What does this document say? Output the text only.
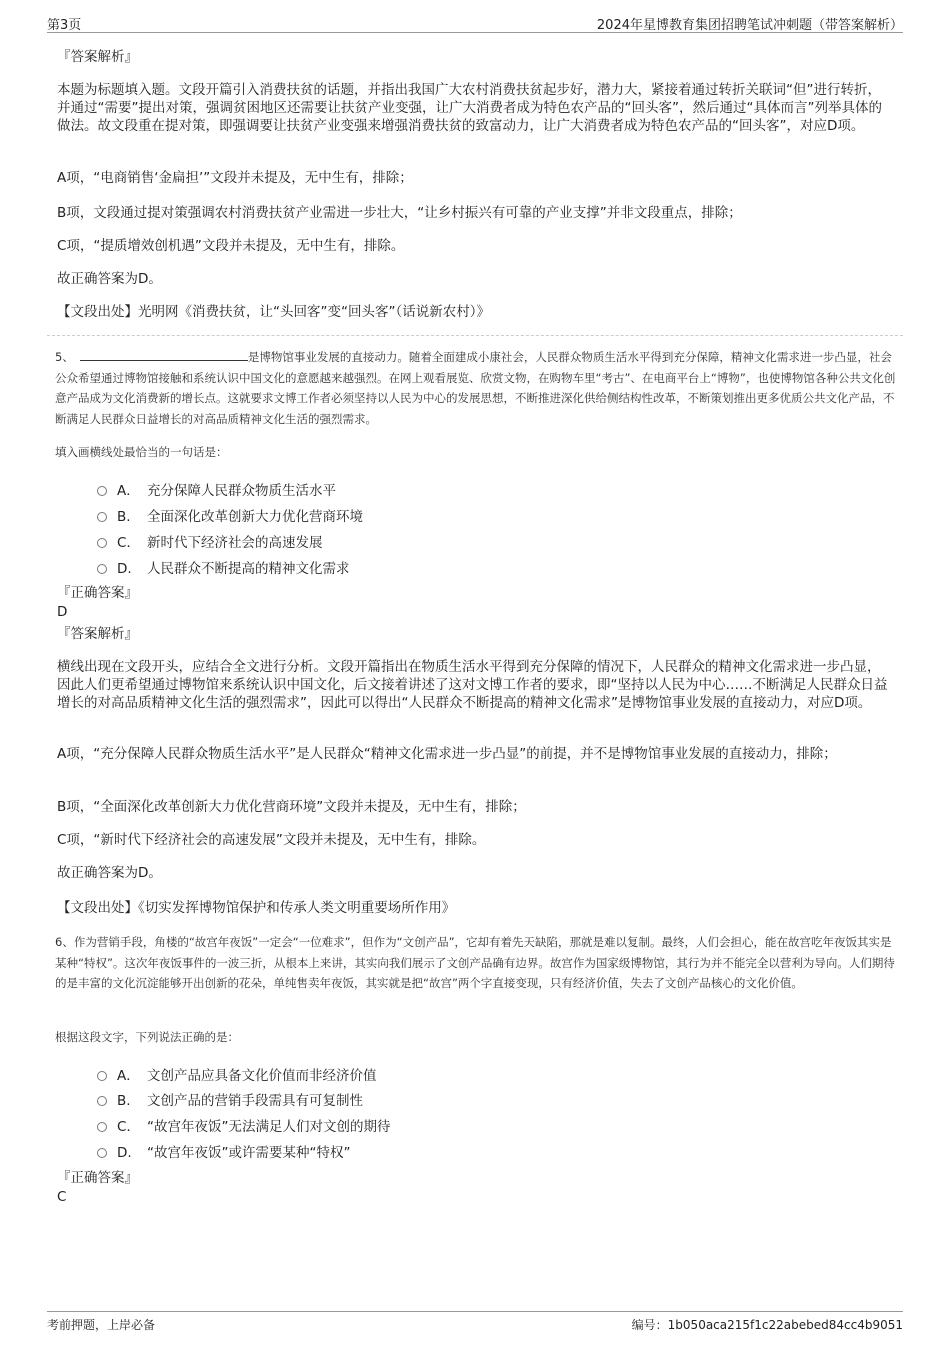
第3页	2024年星博教育集团招聘笔试冲刺题（带答案解析）
『答案解析』
本题为标题填入题。文段开篇引入消费扶贫的话题，并指出我国广大农村消费扶贫起步好，潜力大，紧接着通过转折关联词“但”进行转折，并通过“需要”提出对策，强调贫困地区还需要让扶贫产业变强，让广大消费者成为特色农产品的“回头客”，然后通过“具体而言”列举具体的做法。故文段重在提对策，即强调要让扶贫产业变强来增强消费扶贫的致富动力，让广大消费者成为特色农产品的“回头客”，对应D项。
A项，“电商销售‘金扁担’”文段并未提及，无中生有，排除；
B项，文段通过提对策强调农村消费扶贫产业需进一步壮大，“让乡村振兴有可靠的产业支撑”并非文段重点，排除；
C项，“提质增效创机遇”文段并未提及，无中生有，排除。
故正确答案为D。
【文段出处】光明网《消费扶贫，让“头回客”变“回头客”（话说新农村）》
5、	是博物馆事业发展的直接动力。随着全面建成小康社会，人民群众物质生活水平得到充分保障，精神文化需求进一步凸显，社会公众希望通过博物馆接触和系统认识中国文化的意愿越来越强烈。在网上观看展览、欣赏文物，在购物车里“考古”、在电商平台上“博物”，也使博物馆各种公共文化创意产品成为文化消费新的增长点。这就要求文博工作者必须坚持以人民为中心的发展思想，不断推进深化供给侧结构性改革，不断策划推出更多优质公共文化产品，不断满足人民群众日益增长的对高品质精神文化生活的强烈需求。
填入画横线处最恰当的一句话是：
A． 充分保障人民群众物质生活水平
B. 全面深化改革创新大力优化营商环境
C. 新时代下经济社会的高速发展
D. 人民群众不断提高的精神文化需求
『正确答案』
D
『答案解析』
横线出现在文段开头，应结合全文进行分析。文段开篇指出在物质生活水平得到充分保障的情况下，人民群众的精神文化需求进一步凸显，因此人们更希望通过博物馆来系统认识中国文化，后文接着讲述了这对文博工作者的要求，即“坚持以人民为中心……不断满足人民群众日益增长的对高品质精神文化生活的强烈需求”，因此可以得出“人民群众不断提高的精神文化需求”是博物馆事业发展的直接动力，对应D项。
A项，“充分保障人民群众物质生活水平”是人民群众“精神文化需求进一步凸显”的前提，并不是博物馆事业发展的直接动力，排除；
B项，“全面深化改革创新大力优化营商环境”文段并未提及，无中生有，排除；
C项，“新时代下经济社会的高速发展”文段并未提及，无中生有，排除。
故正确答案为D。
【文段出处】《切实发挥博物馆保护和传承人类文明重要场所作用》
6、作为营销手段，角楼的“故宫年夜饭”一定会“一位难求”，但作为“文创产品”，它却有着先天缺陷，那就是难以复制。最终，人们会担心，能在故宫吃年夜饭其实是某种“特权”。这次年夜饭事件的一波三折，从根本上来讲，其实向我们展示了文创产品确有边界。故宫作为国家级博物馆，其行为并不能完全以营利为导向。人们期待的是丰富的文化沉淀能够开出创新的花朵，单纯售卖年夜饭，其实就是把“故宫”两个字直接变现，只有经济价值，失去了文创产品核心的文化价值。
根据这段文字，下列说法正确的是：
A． 文创产品应具备文化价值而非经济价值
B. 文创产品的营销手段需具有可复制性
C. “故宫年夜饭”无法满足人们对文创的期待
D. “故宫年夜饭”或许需要某种“特权”
『正确答案』
C
考前押题，上岸必备	编号：1b050aca215f1c22abebed84cc4b9051
